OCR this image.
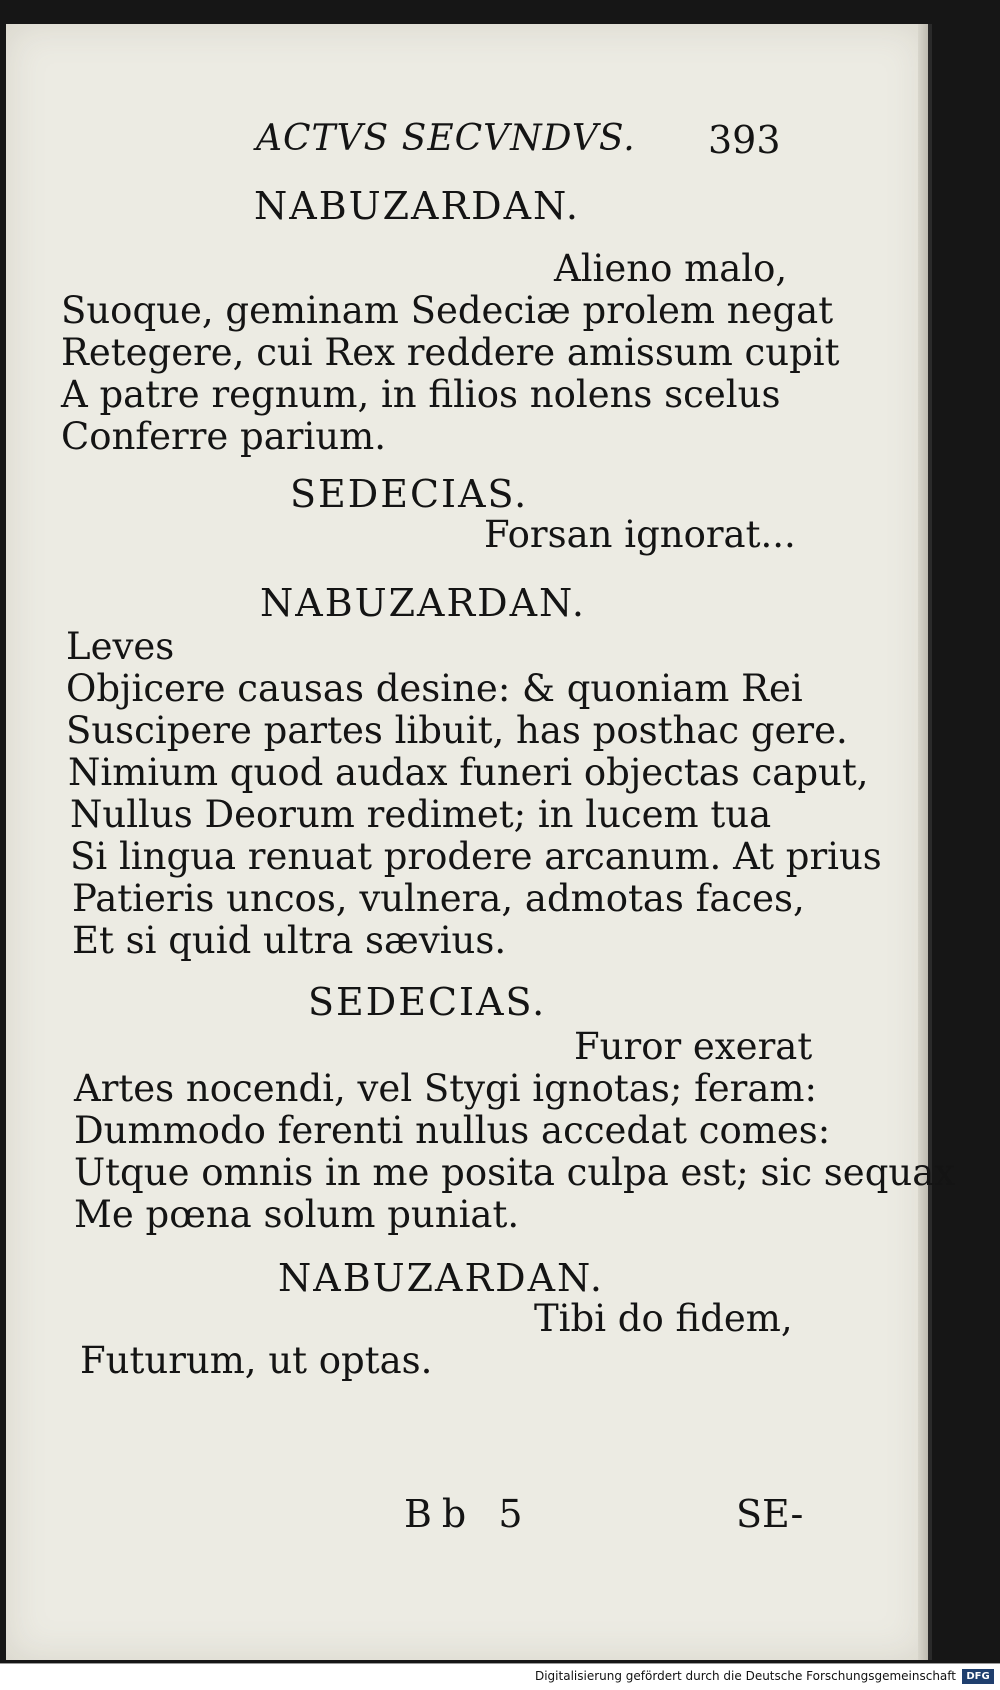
ACTVS SECVNDVS. 393
NABUZARDAN.
Alieno malo,
Suoque, geminam Sedeciæ prolem negat
Retegere, cui Rex reddere amissum cupit
A patre regnum, in filios nolens scelus
Conferre parium.
SEDECIAS.
Forsan ignorat...
NABUZARDAN.
Leves
Objicere causas desine: & quoniam Rei
Suscipere partes libuit, has posthac gere.
Nimium quod audax funeri objectas caput,
Nullus Deorum redimet; in lucem tua
Si lingua renuat prodere arcanum. At prius
Patieris uncos, vulnera, admotas faces,
Et si quid ultra sævius.
SEDECIAS.
Furor exerat
Artes nocendi, vel Stygi ignotas; feram:
Dummodo ferenti nullus accedat comes:
Utque omnis in me posita culpa est; sic sequax
Me pœna solum puniat.
NABUZARDAN.
Tibi do fidem,
Futurum, ut optas.
Bb 5	SE-
Digitalisierung gefördert durch die Deutsche Forschungsgemeinschaft	DFG
